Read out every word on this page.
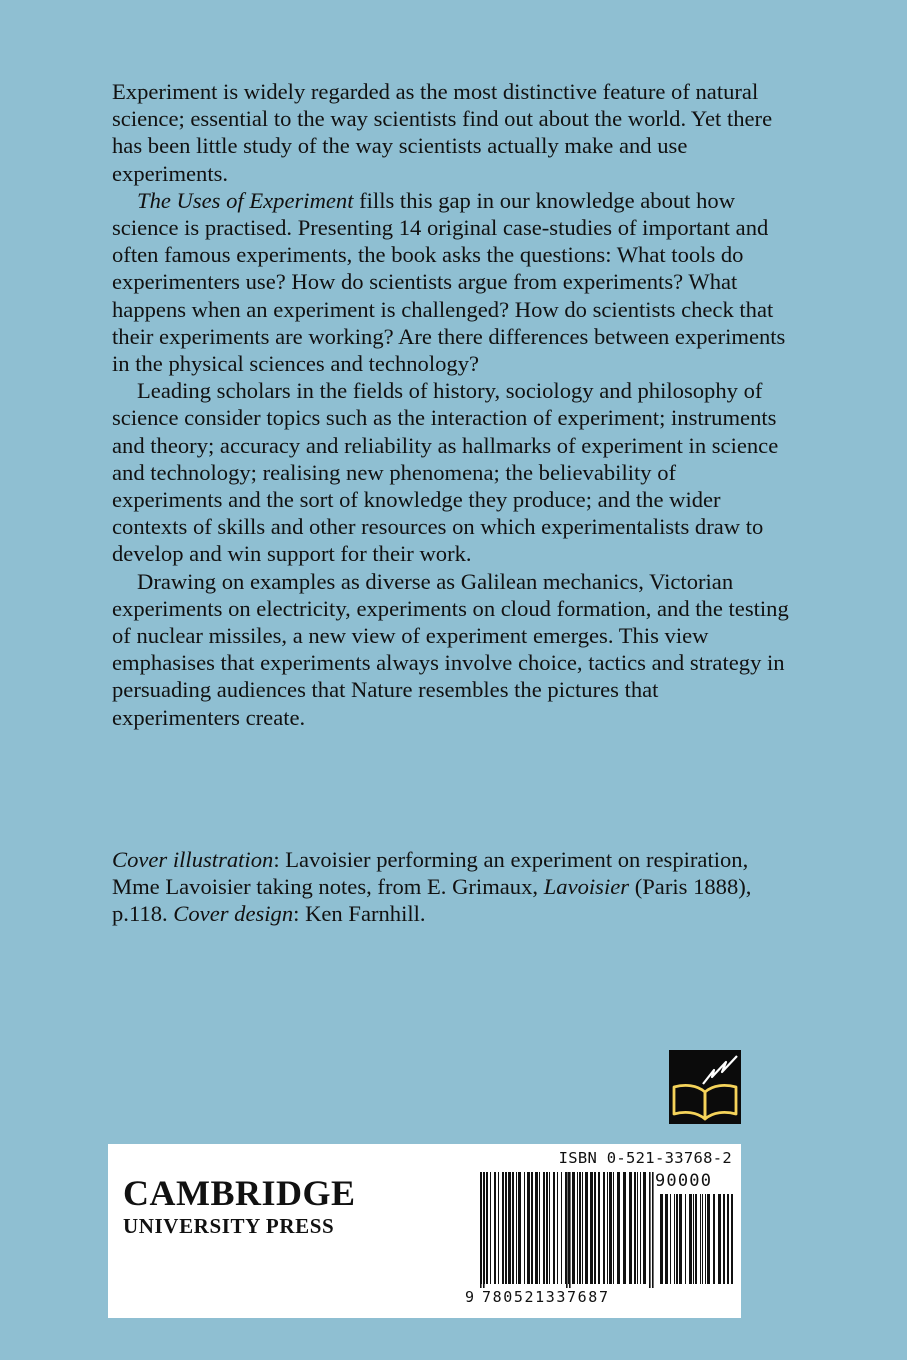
Experiment is widely regarded as the most distinctive feature of natural science; essential to the way scientists find out about the world. Yet there has been little study of the way scientists actually make and use experiments.

The Uses of Experiment fills this gap in our knowledge about how science is practised. Presenting 14 original case-studies of important and often famous experiments, the book asks the questions: What tools do experimenters use? How do scientists argue from experiments? What happens when an experiment is challenged? How do scientists check that their experiments are working? Are there differences between experiments in the physical sciences and technology?

Leading scholars in the fields of history, sociology and philosophy of science consider topics such as the interaction of experiment; instruments and theory; accuracy and reliability as hallmarks of experiment in science and technology; realising new phenomena; the believability of experiments and the sort of knowledge they produce; and the wider contexts of skills and other resources on which experimentalists draw to develop and win support for their work.

Drawing on examples as diverse as Galilean mechanics, Victorian experiments on electricity, experiments on cloud formation, and the testing of nuclear missiles, a new view of experiment emerges. This view emphasises that experiments always involve choice, tactics and strategy in persuading audiences that Nature resembles the pictures that experimenters create.

Cover illustration: Lavoisier performing an experiment on respiration, Mme Lavoisier taking notes, from E. Grimaux, Lavoisier (Paris 1888), p.118. Cover design: Ken Farnhill.
CAMBRIDGE
UNIVERSITY PRESS
ISBN 0-521-33768-2
90000
9 780521337687
